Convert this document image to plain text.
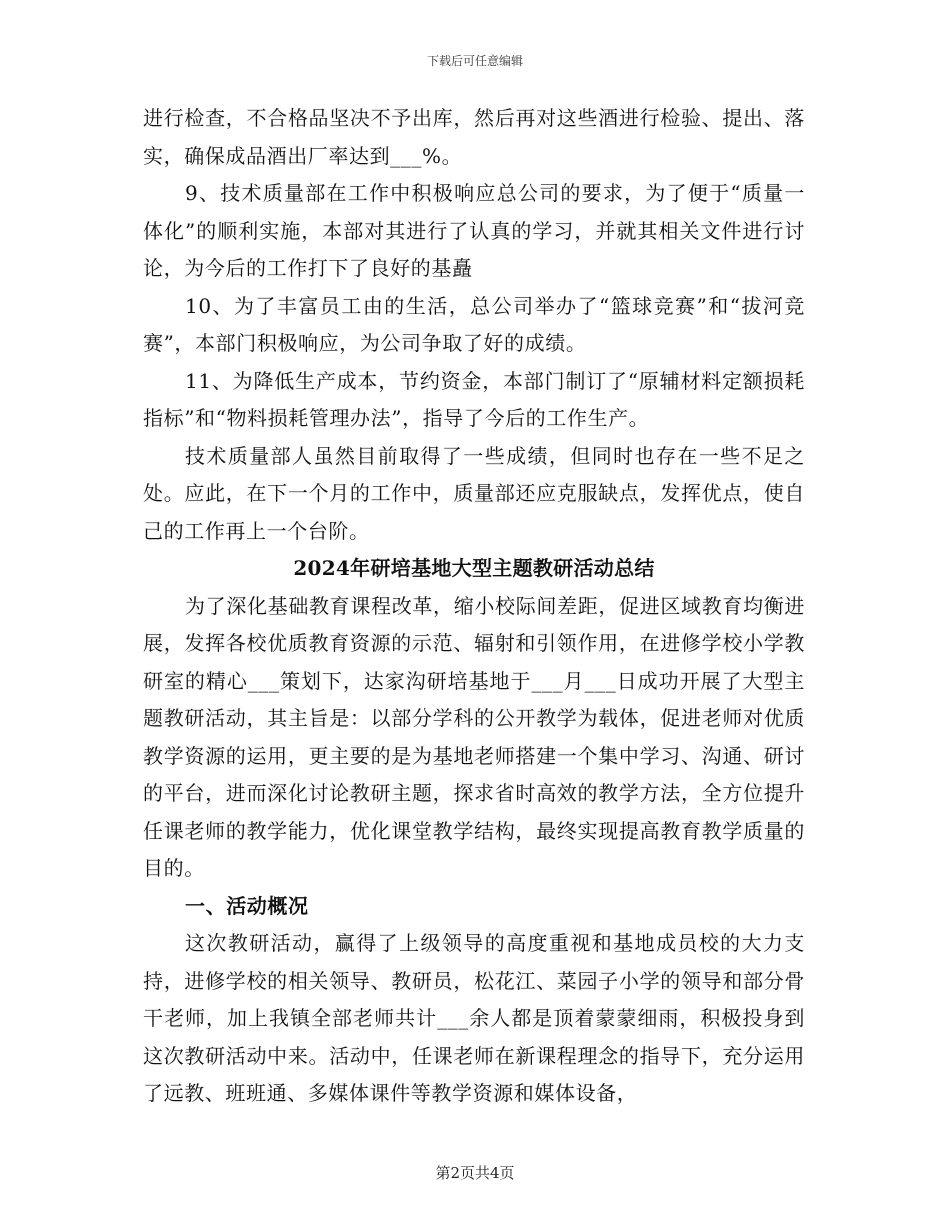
下载后可任意编辑

进行检查，不合格品坚决不予出库，然后再对这些酒进行检验、提出、落实，确保成品酒出厂率达到___%。

9、技术质量部在工作中积极响应总公司的要求，为了便于“质量一体化”的顺利实施，本部对其进行了认真的学习，并就其相关文件进行讨论，为今后的工作打下了良好的基矗

10、为了丰富员工由的生活，总公司举办了“篮球竞赛”和“拔河竞赛”，本部门积极响应，为公司争取了好的成绩。

11、为降低生产成本，节约资金，本部门制订了“原辅材料定额损耗指标”和“物料损耗管理办法”，指导了今后的工作生产。

技术质量部人虽然目前取得了一些成绩，但同时也存在一些不足之处。应此，在下一个月的工作中，质量部还应克服缺点，发挥优点，使自己的工作再上一个台阶。

2024年研培基地大型主题教研活动总结

为了深化基础教育课程改革，缩小校际间差距，促进区域教育均衡进展，发挥各校优质教育资源的示范、辐射和引领作用，在进修学校小学教研室的精心___策划下，达家沟研培基地于___月___日成功开展了大型主题教研活动，其主旨是：以部分学科的公开教学为载体，促进老师对优质教学资源的运用，更主要的是为基地老师搭建一个集中学习、沟通、研讨的平台，进而深化讨论教研主题，探求省时高效的教学方法，全方位提升任课老师的教学能力，优化课堂教学结构，最终实现提高教育教学质量的目的。

一、活动概况

这次教研活动，赢得了上级领导的高度重视和基地成员校的大力支持，进修学校的相关领导、教研员，松花江、菜园子小学的领导和部分骨干老师，加上我镇全部老师共计___余人都是顶着蒙蒙细雨，积极投身到这次教研活动中来。活动中，任课老师在新课程理念的指导下，充分运用了远教、班班通、多媒体课件等教学资源和媒体设备，

第2页共4页
